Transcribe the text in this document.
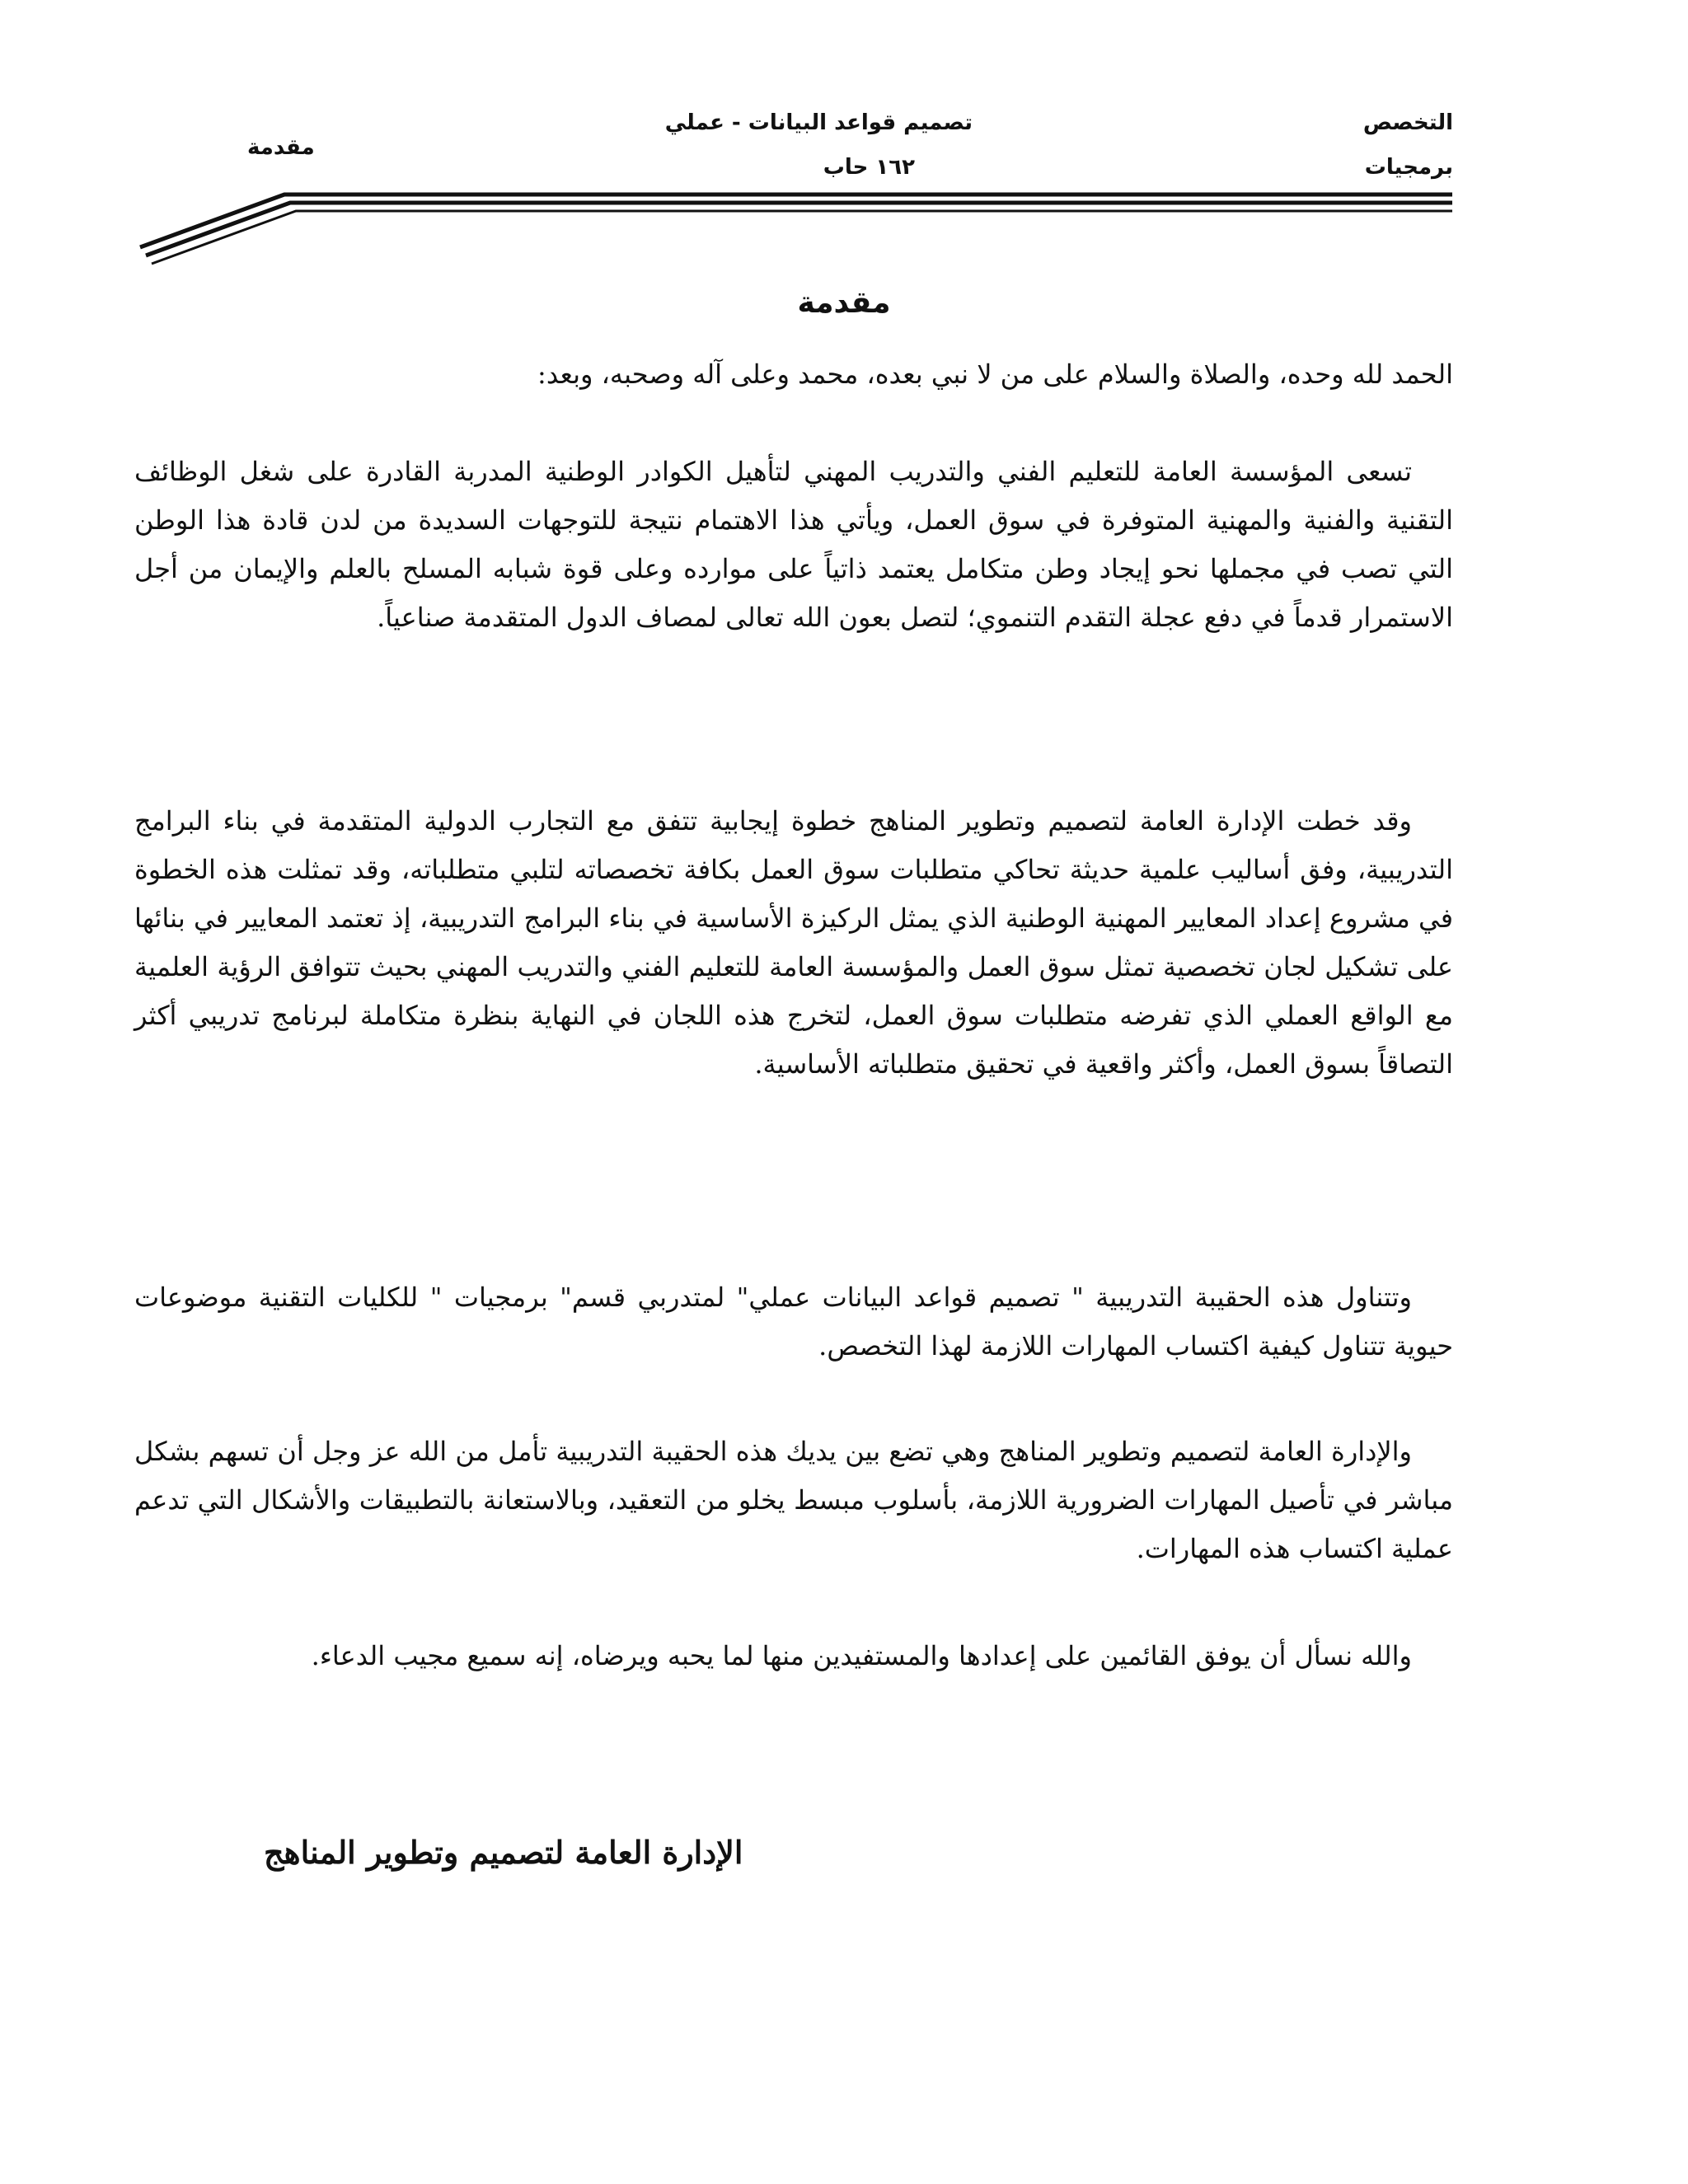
التخصص
برمجيات
تصميم قواعد البيانات - عملي
١٦٢ حاب
مقدمة
مقدمة

الحمد لله وحده، والصلاة والسلام على من لا نبي بعده، محمد وعلى آله وصحبه، وبعد:

تسعى المؤسسة العامة للتعليم الفني والتدريب المهني لتأهيل الكوادر الوطنية المدربة القادرة على شغل الوظائف التقنية والفنية والمهنية المتوفرة في سوق العمل، ويأتي هذا الاهتمام نتيجة للتوجهات السديدة من لدن قادة هذا الوطن التي تصب في مجملها نحو إيجاد وطن متكامل يعتمد ذاتياً على موارده وعلى قوة شبابه المسلح بالعلم والإيمان من أجل الاستمرار قدماً في دفع عجلة التقدم التنموي؛ لتصل بعون الله تعالى لمصاف الدول المتقدمة صناعياً.

وقد خطت الإدارة العامة لتصميم وتطوير المناهج خطوة إيجابية تتفق مع التجارب الدولية المتقدمة في بناء البرامج التدريبية، وفق أساليب علمية حديثة تحاكي متطلبات سوق العمل بكافة تخصصاته لتلبي متطلباته، وقد تمثلت هذه الخطوة في مشروع إعداد المعايير المهنية الوطنية الذي يمثل الركيزة الأساسية في بناء البرامج التدريبية، إذ تعتمد المعايير في بنائها على تشكيل لجان تخصصية تمثل سوق العمل والمؤسسة العامة للتعليم الفني والتدريب المهني بحيث تتوافق الرؤية العلمية مع الواقع العملي الذي تفرضه متطلبات سوق العمل، لتخرج هذه اللجان في النهاية بنظرة متكاملة لبرنامج تدريبي أكثر التصاقاً بسوق العمل، وأكثر واقعية في تحقيق متطلباته الأساسية.

وتتناول هذه الحقيبة التدريبية " تصميم قواعد البيانات عملي" لمتدربي قسم" برمجيات " للكليات التقنية موضوعات حيوية تتناول كيفية اكتساب المهارات اللازمة لهذا التخصص.

والإدارة العامة لتصميم وتطوير المناهج وهي تضع بين يديك هذه الحقيبة التدريبية تأمل من الله عز وجل أن تسهم بشكل مباشر في تأصيل المهارات الضرورية اللازمة، بأسلوب مبسط يخلو من التعقيد، وبالاستعانة بالتطبيقات والأشكال التي تدعم عملية اكتساب هذه المهارات.

والله نسأل أن يوفق القائمين على إعدادها والمستفيدين منها لما يحبه ويرضاه، إنه سميع مجيب الدعاء.

الإدارة العامة لتصميم وتطوير المناهج
